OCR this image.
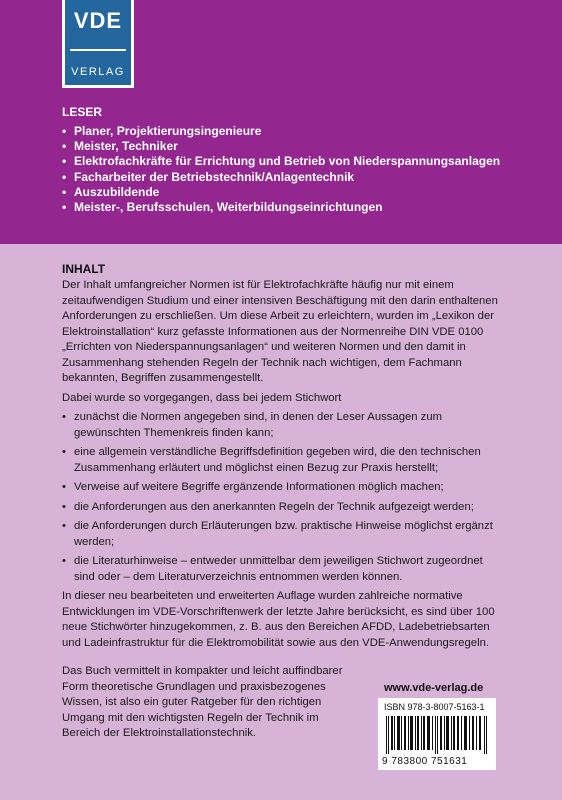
VDE
VERLAG
LESER
• Planer, Projektierungsingenieure
• Meister, Techniker
• Elektrofachkräfte für Errichtung und Betrieb von Niederspannungsanlagen
• Facharbeiter der Betriebstechnik/Anlagentechnik
• Auszubildende
• Meister-, Berufsschulen, Weiterbildungseinrichtungen
INHALT

Der Inhalt umfangreicher Normen ist für Elektrofachkräfte häufig nur mit einem zeitaufwendigen Studium und einer intensiven Beschäftigung mit den darin enthaltenen Anforderungen zu erschließen. Um diese Arbeit zu erleichtern, wurden im „Lexikon der Elektroinstallation“ kurz gefasste Informationen aus der Normenreihe DIN VDE 0100 „Errichten von Niederspannungsanlagen“ und weiteren Normen und den damit in Zusammenhang stehenden Regeln der Technik nach wichtigen, dem Fachmann bekannten, Begriffen zusammengestellt.

Dabei wurde so vorgegangen, dass bei jedem Stichwort

• zunächst die Normen angegeben sind, in denen der Leser Aussagen zum gewünschten Themenkreis finden kann;
• eine allgemein verständliche Begriffsdefinition gegeben wird, die den technischen Zusammenhang erläutert und möglichst einen Bezug zur Praxis herstellt;
• Verweise auf weitere Begriffe ergänzende Informationen möglich machen;
• die Anforderungen aus den anerkannten Regeln der Technik aufgezeigt werden;
• die Anforderungen durch Erläuterungen bzw. praktische Hinweise möglichst ergänzt werden;
• die Literaturhinweise – entweder unmittelbar dem jeweiligen Stichwort zugeordnet sind oder – dem Literaturverzeichnis entnommen werden können.

In dieser neu bearbeiteten und erweiterten Auflage wurden zahlreiche normative Entwicklungen im VDE-Vorschriftenwerk der letzte Jahre berücksicht, es sind über 100 neue Stichwörter hinzugekommen, z. B. aus den Bereichen AFDD, Ladebetriebsarten und Ladeinfrastruktur für die Elektromobilität sowie aus den VDE-Anwendungsregeln.

Das Buch vermittelt in kompakter und leicht auffindbarer Form theoretische Grundlagen und praxisbezogenes Wissen, ist also ein guter Ratgeber für den richtigen Umgang mit den wichtigsten Regeln der Technik im Bereich der Elektroinstallationstechnik.

www.vde-verlag.de
ISBN 978-3-8007-5163-1
9 783800 751631
